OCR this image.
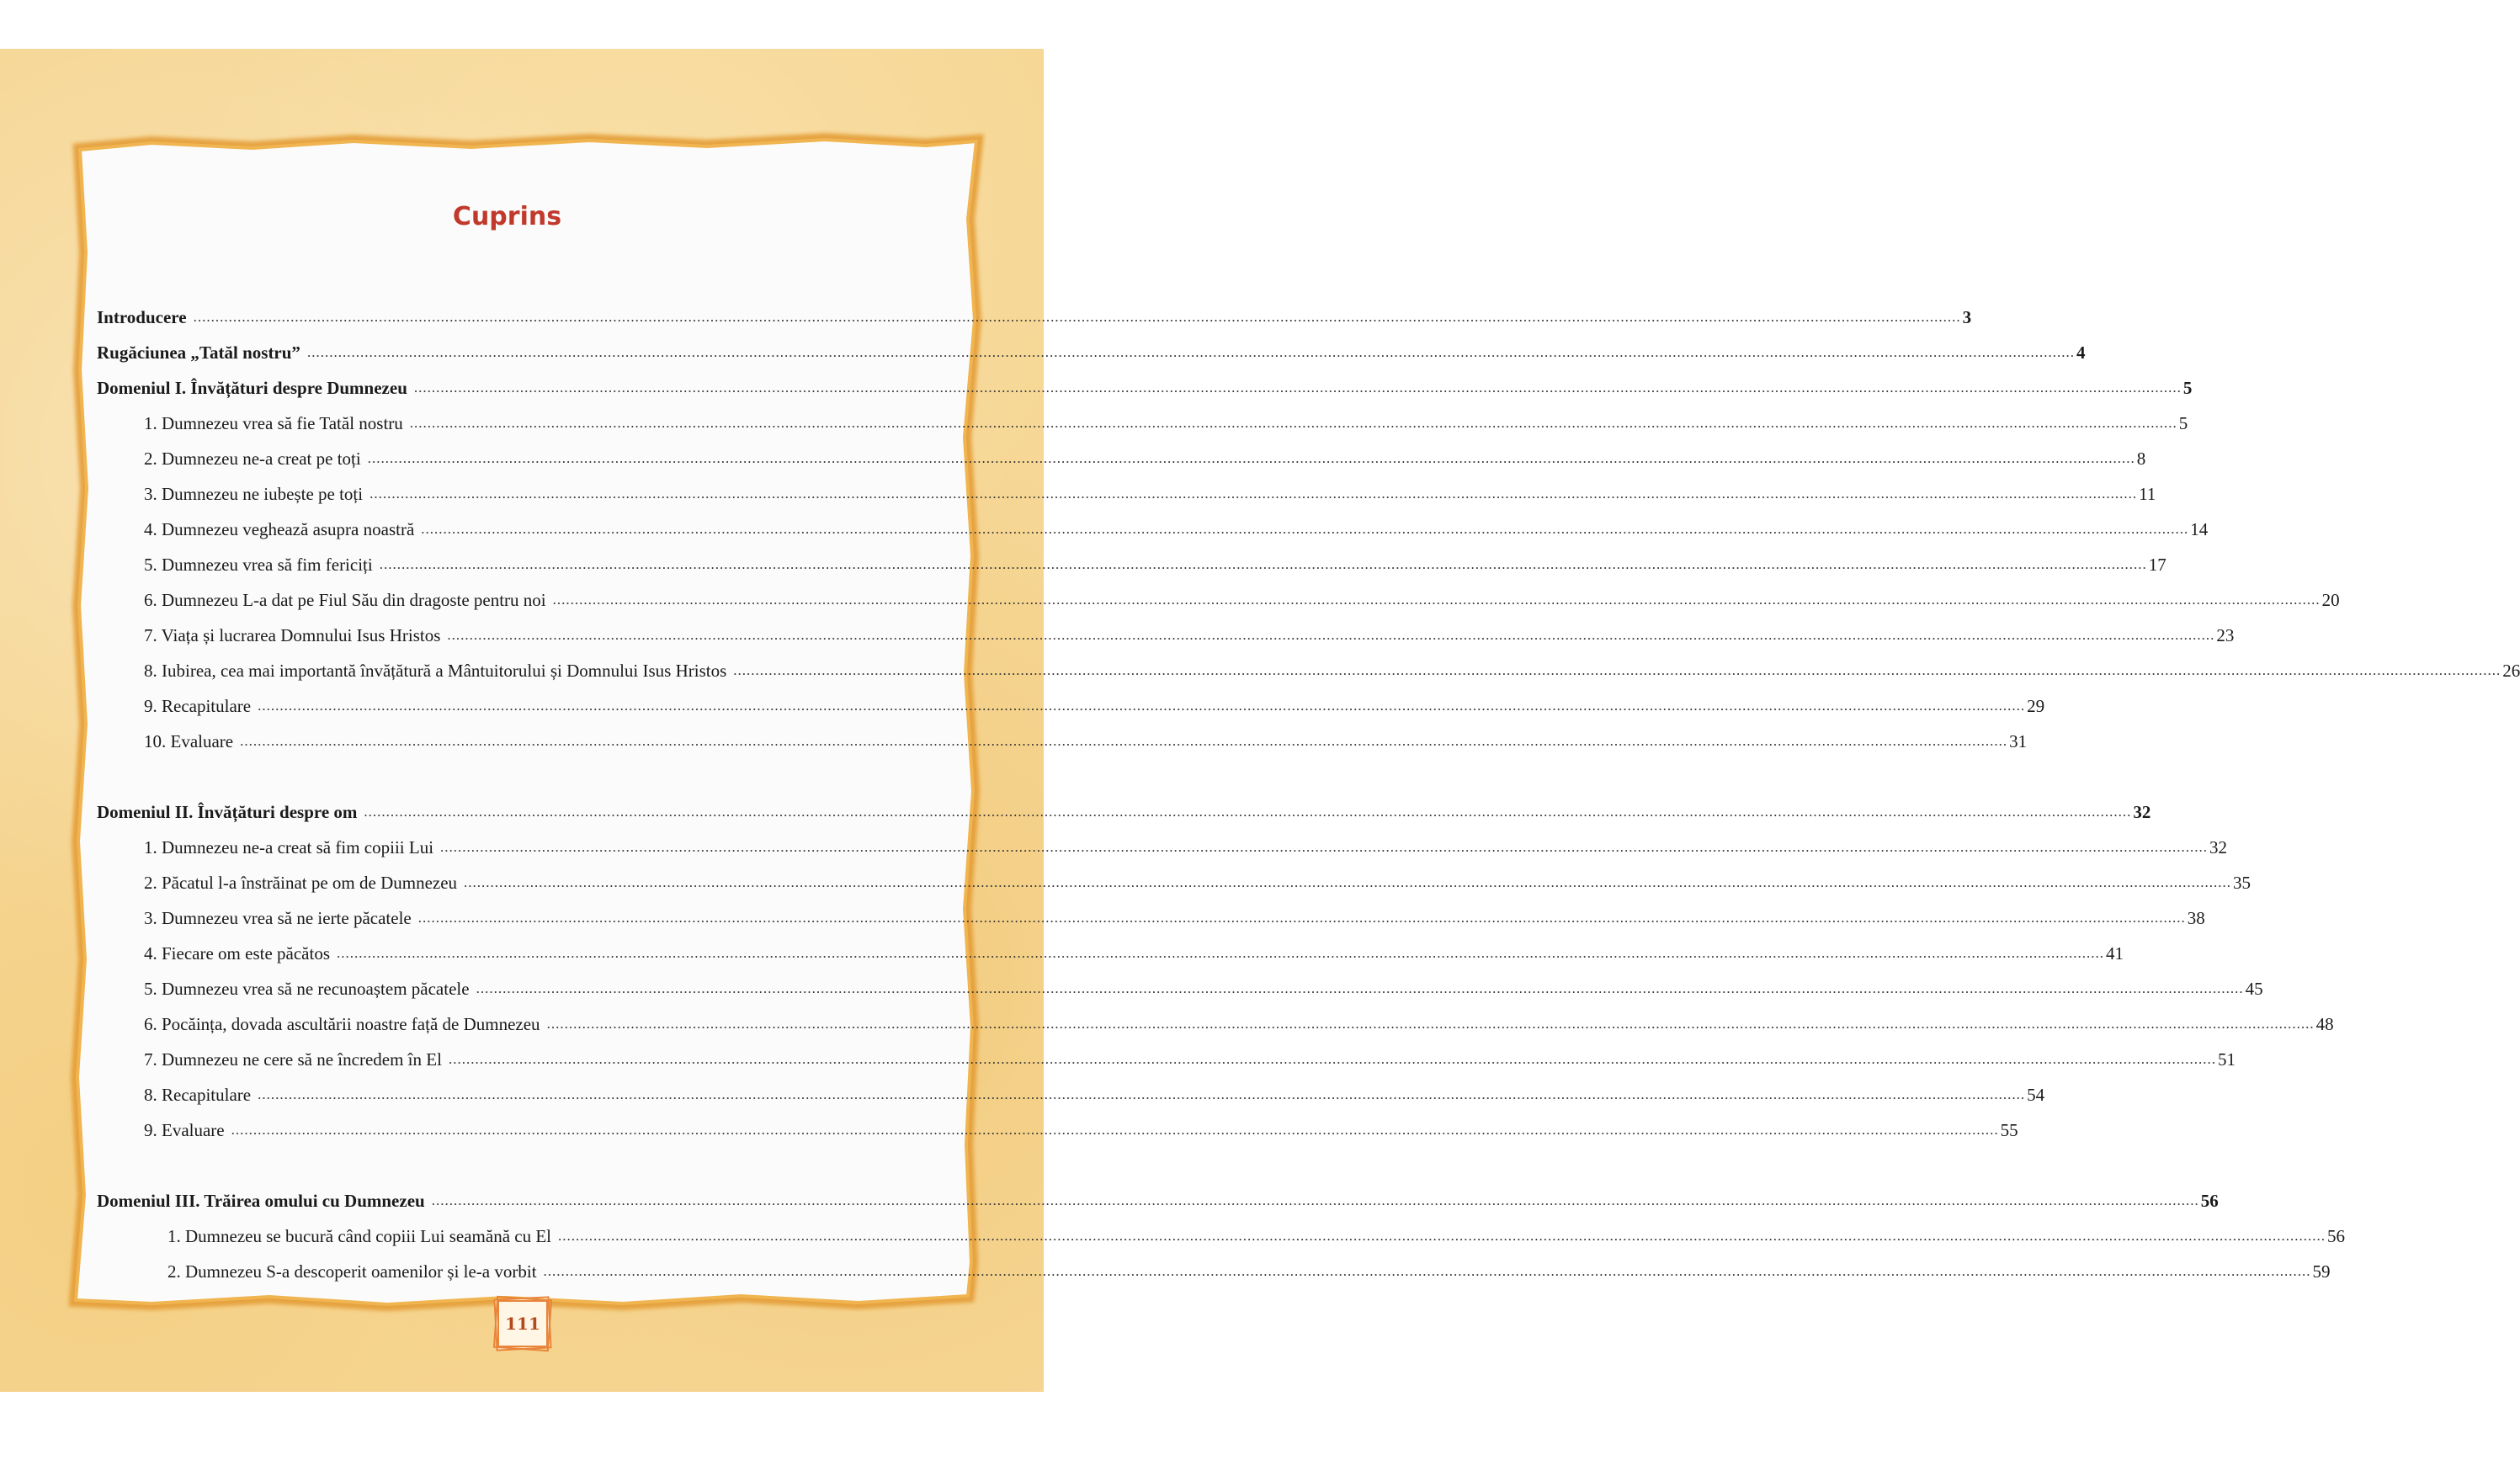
Cuprins
Introducere ................................................................................................................................................................................................................................................................................................................................................................................................................ 3
Rugăciunea „Tatăl nostru” ................................................................................................................................................................................................................................................................................................................................................................................................................ 4
Domeniul I. Învățături despre Dumnezeu ................................................................................................................................................................................................................................................................................................................................................................................................................ 5
1. Dumnezeu vrea să fie Tatăl nostru ................................................................................................................................................................................................................................................................................................................................................................................................................ 5
2. Dumnezeu ne-a creat pe toți ................................................................................................................................................................................................................................................................................................................................................................................................................ 8
3. Dumnezeu ne iubește pe toți ................................................................................................................................................................................................................................................................................................................................................................................................................ 11
4. Dumnezeu veghează asupra noastră ................................................................................................................................................................................................................................................................................................................................................................................................................ 14
5. Dumnezeu vrea să fim fericiți ................................................................................................................................................................................................................................................................................................................................................................................................................ 17
6. Dumnezeu L-a dat pe Fiul Său din dragoste pentru noi ................................................................................................................................................................................................................................................................................................................................................................................................................ 20
7. Viața și lucrarea Domnului Isus Hristos ................................................................................................................................................................................................................................................................................................................................................................................................................ 23
8. Iubirea, cea mai importantă învățătură a Mântuitorului și Domnului Isus Hristos ................................................................................................................................................................................................................................................................................................................................................................................................................ 26
9. Recapitulare ................................................................................................................................................................................................................................................................................................................................................................................................................ 29
10. Evaluare ................................................................................................................................................................................................................................................................................................................................................................................................................ 31
Domeniul II. Învățături despre om ................................................................................................................................................................................................................................................................................................................................................................................................................ 32
1. Dumnezeu ne-a creat să fim copiii Lui ................................................................................................................................................................................................................................................................................................................................................................................................................ 32
2. Păcatul l-a înstrăinat pe om de Dumnezeu ................................................................................................................................................................................................................................................................................................................................................................................................................ 35
3. Dumnezeu vrea să ne ierte păcatele ................................................................................................................................................................................................................................................................................................................................................................................................................ 38
4. Fiecare om este păcătos ................................................................................................................................................................................................................................................................................................................................................................................................................ 41
5. Dumnezeu vrea să ne recunoaștem păcatele ................................................................................................................................................................................................................................................................................................................................................................................................................ 45
6. Pocăința, dovada ascultării noastre față de Dumnezeu ................................................................................................................................................................................................................................................................................................................................................................................................................ 48
7. Dumnezeu ne cere să ne încredem în El ................................................................................................................................................................................................................................................................................................................................................................................................................ 51
8. Recapitulare ................................................................................................................................................................................................................................................................................................................................................................................................................ 54
9. Evaluare ................................................................................................................................................................................................................................................................................................................................................................................................................ 55
Domeniul III. Trăirea omului cu Dumnezeu ................................................................................................................................................................................................................................................................................................................................................................................................................ 56
1. Dumnezeu se bucură când copiii Lui seamănă cu El ................................................................................................................................................................................................................................................................................................................................................................................................................ 56
2. Dumnezeu S-a descoperit oamenilor și le-a vorbit ................................................................................................................................................................................................................................................................................................................................................................................................................ 59
111
